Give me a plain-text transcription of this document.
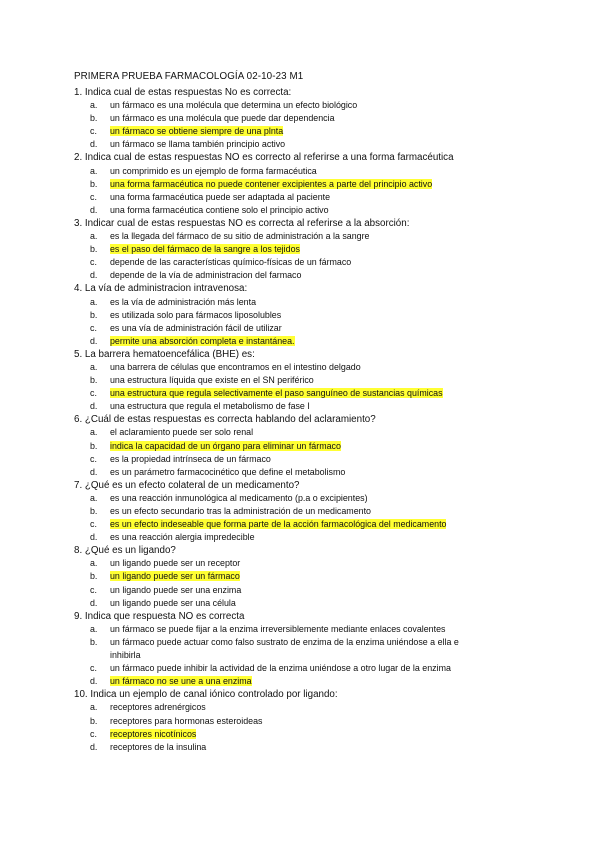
PRIMERA PRUEBA FARMACOLOGÍA 02-10-23 M1
1. Indica cual de estas respuestas No es correcta:
a. un fármaco es una molécula que determina un efecto biológico
b. un fármaco es una molécula que puede dar dependencia
c. un fármaco se obtiene siempre de una plnta
d. un fármaco se llama también principio activo
2. Indica cual de estas respuestas NO es correcto al referirse a una forma farmacéutica
a. un comprimido es un ejemplo de forma farmacéutica
b. una forma farmacéutica no puede contener excipientes a parte del principio activo
c. una forma farmacéutica puede ser adaptada al paciente
d. una forma farmacéutica contiene solo el principio activo
3. Indicar cual de estas respuestas NO es correcta al referirse a la absorción:
a. es la llegada del fármaco de su sitio de administración a la sangre
b. es el paso del fármaco de la sangre a los tejidos
c. depende de las características químico-físicas de un fármaco
d. depende de la vía de administracion del farmaco
4. La vía de administracion intravenosa:
a. es la vía de administración más lenta
b. es utilizada solo para fármacos liposolubles
c. es una vía de administración fácil de utilizar
d. permite una absorción completa e instantánea.
5. La barrera hematoencefálica (BHE) es:
a. una barrera de células que encontramos en el intestino delgado
b. una estructura líquida que existe en el SN periférico
c. una estructura que regula selectivamente el paso sanguíneo de sustancias químicas
d. una estructura que regula el metabolismo de fase I
6. ¿Cuál de estas respuestas es correcta hablando del aclaramiento?
a. el aclaramiento puede ser solo renal
b. indica la capacidad de un órgano para eliminar un fármaco
c. es la propiedad intrínseca de un fármaco
d. es un parámetro farmacocinético que define el metabolismo
7. ¿Qué es un efecto colateral de un medicamento?
a. es una reacción inmunológica al medicamento (p.a o excipientes)
b. es un efecto secundario tras la administración de un medicamento
c. es un efecto indeseable que forma parte de la acción farmacológica del medicamento
d. es una reacción alergia impredecible
8. ¿Qué es un ligando?
a. un ligando puede ser un receptor
b. un ligando puede ser un fármaco
c. un ligando puede ser una enzima
d. un ligando puede ser una célula
9. Indica que respuesta NO es correcta
a. un fármaco se puede fijar a la enzima irreversiblemente mediante enlaces covalentes
b. un fármaco puede actuar como falso sustrato de enzima de la enzima uniéndose a ella e inhibirla
c. un fármaco puede inhibir la actividad de la enzima uniéndose a otro lugar de la enzima
d. un fármaco no se une a una enzima
10. Indica un ejemplo de canal iónico controlado por ligando:
a. receptores adrenérgicos
b. receptores para hormonas esteroideas
c. receptores nicotínicos
d. receptores de la insulina
